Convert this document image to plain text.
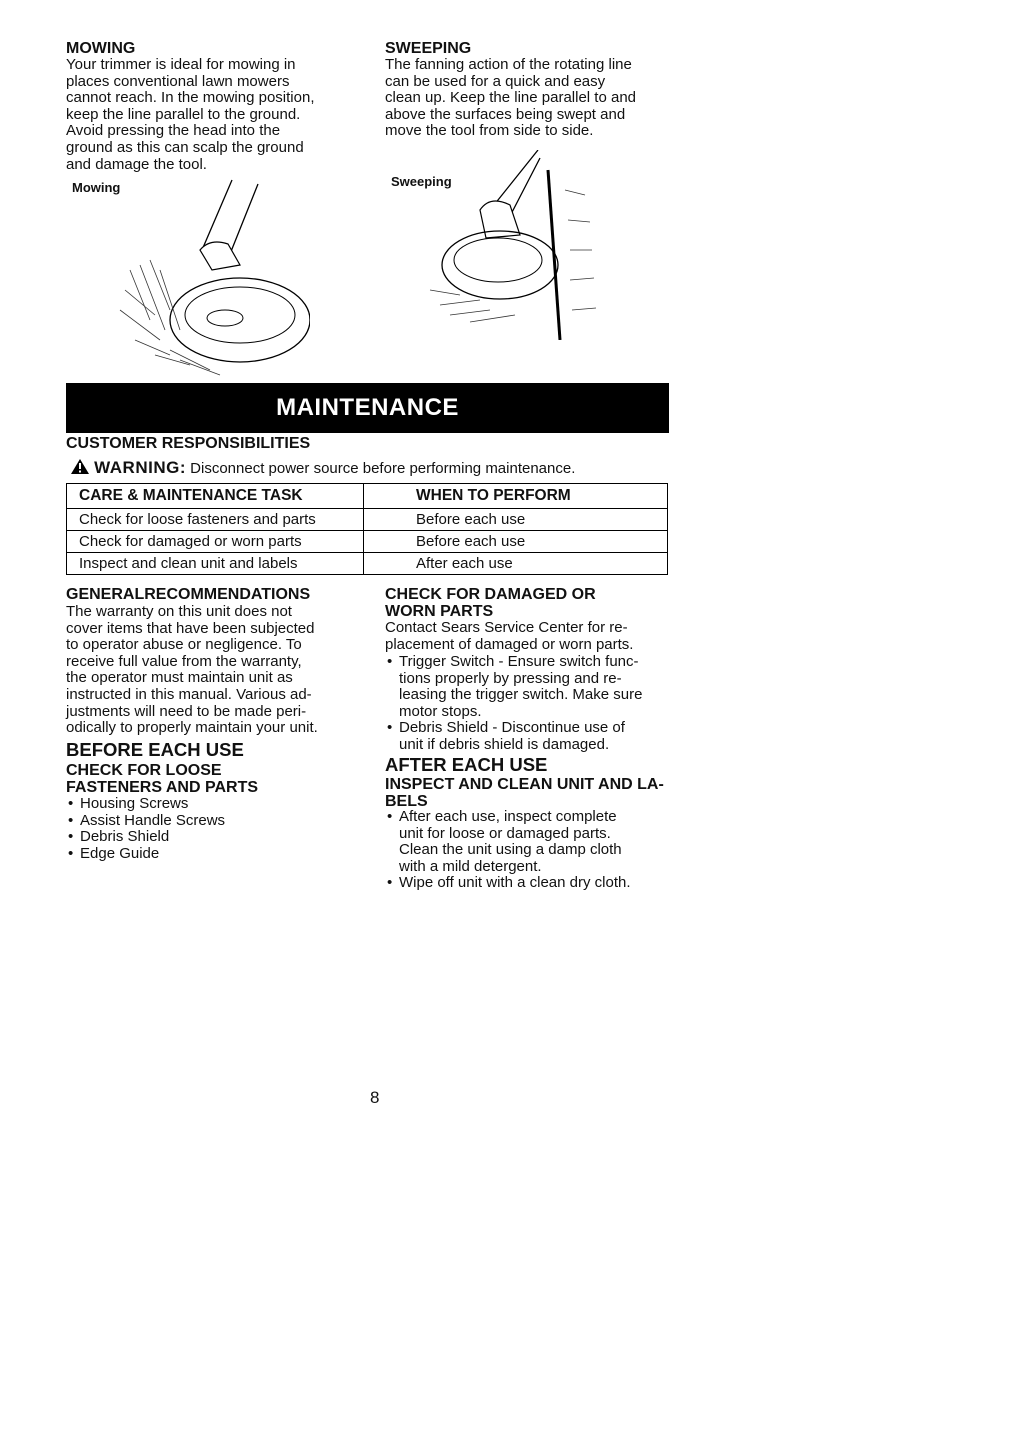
MOWING
Your trimmer is ideal for mowing in
places conventional lawn mowers
cannot reach. In the mowing position,
keep the line parallel to the ground.
Avoid pressing the head into the
ground as this can scalp the ground
and damage the tool.
Mowing
SWEEPING
The fanning action of the rotating line
can be used for a quick and easy
clean up. Keep the line parallel to and
above the surfaces being swept and
move the tool from side to side.
Sweeping
MAINTENANCE
CUSTOMER RESPONSIBILITIES
WARNING: Disconnect power source before performing maintenance.
CARE & MAINTENANCE TASK	WHEN TO PERFORM
Check for loose fasteners and parts	Before each use
Check for damaged or worn parts	Before each use
Inspect and clean unit and labels	After each use
GENERALRECOMMENDATIONS
The warranty on this unit does not
cover items that have been subjected
to operator abuse or negligence. To
receive full value from the warranty,
the operator must maintain unit as
instructed in this manual. Various ad-
justments will need to be made peri-
odically to properly maintain your unit.
BEFORE EACH USE
CHECK FOR LOOSE
FASTENERS AND PARTS
• Housing Screws
• Assist Handle Screws
• Debris Shield
• Edge Guide
CHECK FOR DAMAGED OR
WORN PARTS
Contact Sears Service Center for re-
placement of damaged or worn parts.
• Trigger Switch - Ensure switch func-
tions properly by pressing and re-
leasing the trigger switch. Make sure
motor stops.
• Debris Shield - Discontinue use of
unit if debris shield is damaged.
AFTER EACH USE
INSPECT AND CLEAN UNIT AND LA-
BELS
• After each use, inspect complete
unit for loose or damaged parts.
Clean the unit using a damp cloth
with a mild detergent.
• Wipe off unit with a clean dry cloth.
8
